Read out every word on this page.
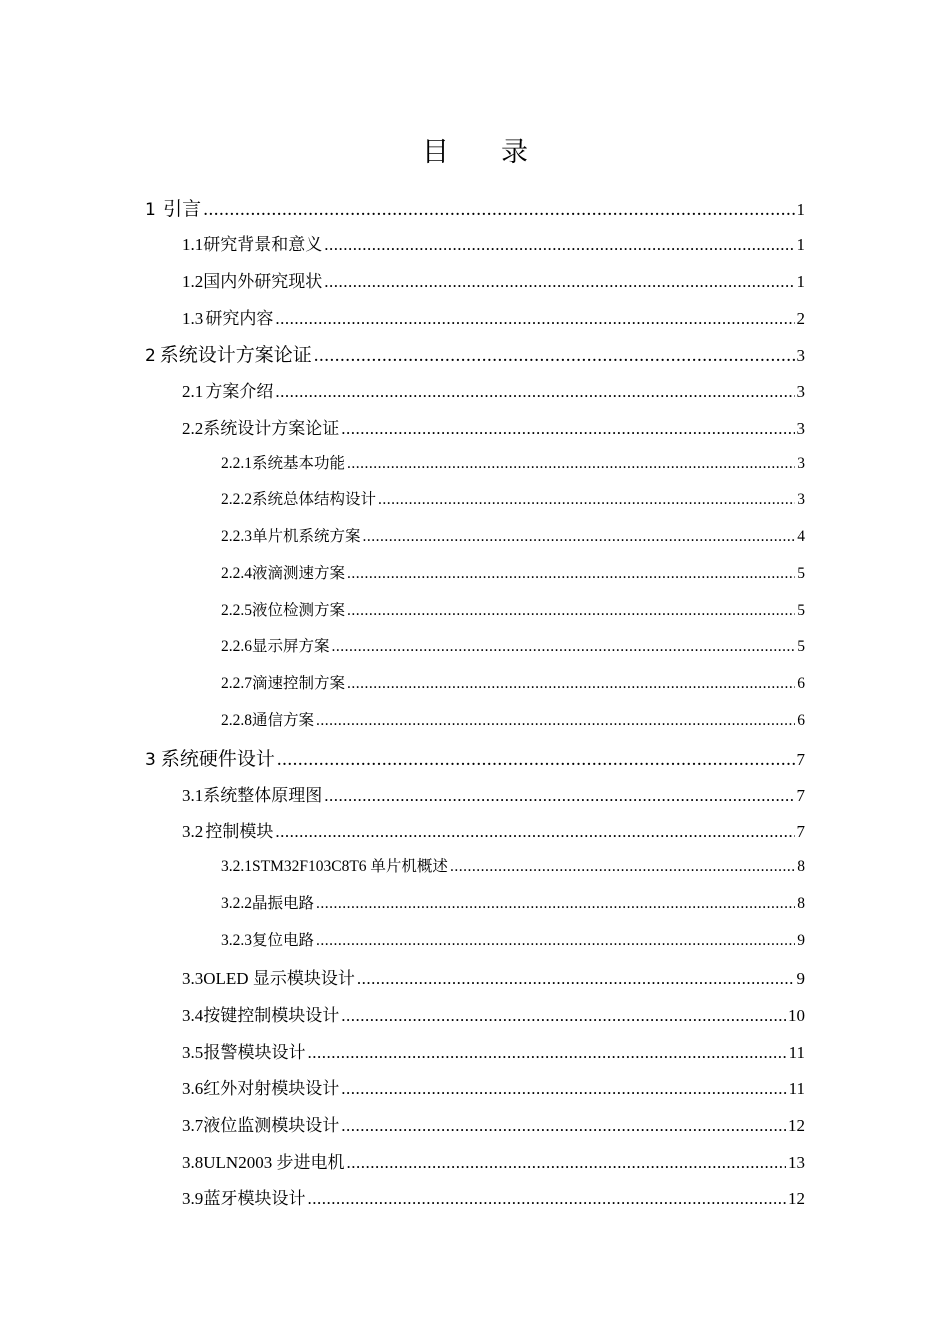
目 录
1 引言 .....	1
1.1 研究背景和意义 .....	1
1.2 国内外研究现状 .....	1
1.3 研究内容 .....	2
2 系统设计方案论证 .....	3
2.1 方案介绍 .....	3
2.2 系统设计方案论证 .....	3
2.2.1 系统基本功能 .....	3
2.2.2 系统总体结构设计 .....	3
2.2.3 单片机系统方案 .....	4
2.2.4 液滴测速方案 .....	5
2.2.5 液位检测方案 .....	5
2.2.6 显示屏方案 .....	5
2.2.7 滴速控制方案 .....	6
2.2.8 通信方案 .....	6
3 系统硬件设计 .....	7
3.1 系统整体原理图 .....	7
3.2 控制模块 .....	7
3.2.1 STM32F103C8T6 单片机概述 .....	8
3.2.2 晶振电路 .....	8
3.2.3 复位电路 .....	9
3.3 OLED 显示模块设计 .....	9
3.4 按键控制模块设计 .....	10
3.5 报警模块设计 .....	11
3.6 红外对射模块设计 .....	11
3.7 液位监测模块设计 .....	12
3.8 ULN2003 步进电机 .....	13
3.9 蓝牙模块设计 .....	12
